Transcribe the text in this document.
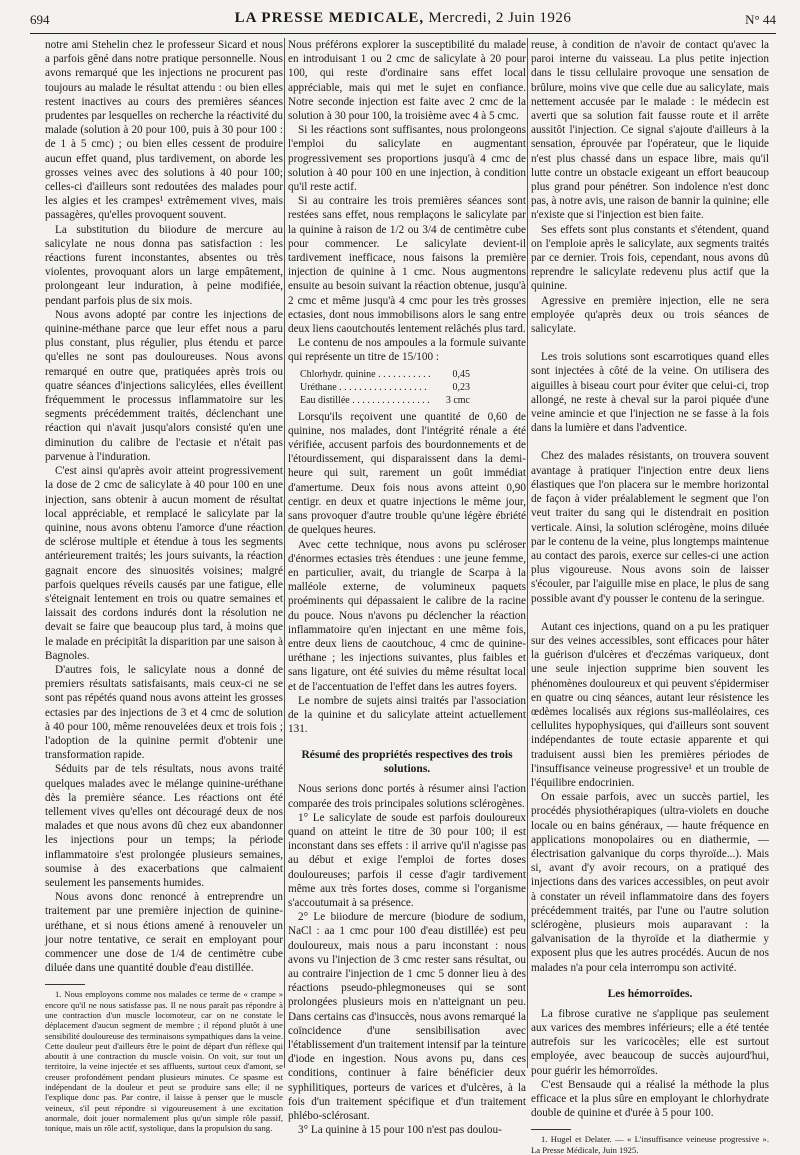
694	LA PRESSE MEDICALE, Mercredi, 2 Juin 1926	N° 44

notre ami Stehelin chez le professeur Sicard et nous a parfois gêné dans notre pratique personnelle. Nous avons remarqué que les injections ne procurent pas toujours au malade le résultat attendu : ou bien elles restent inactives au cours des premières séances prudentes par lesquelles on recherche la réactivité du malade (solution à 20 pour 100, puis à 30 pour 100 : de 1 à 5 cmc) ; ou bien elles cessent de produire aucun effet quand, plus tardivement, on aborde les grosses veines avec des solutions à 40 pour 100; celles-ci d'ailleurs sont redoutées des malades pour les algies et les crampes¹ extrêmement vives, mais passagères, qu'elles provoquent souvent.

La substitution du biiodure de mercure au salicylate ne nous donna pas satisfaction : les réactions furent inconstantes, absentes ou très violentes, provoquant alors un large empâtement, prolongeant leur induration, à peine modifiée, pendant parfois plus de six mois.

Nous avons adopté par contre les injections de quinine-méthane parce que leur effet nous a paru plus constant, plus régulier, plus étendu et parce qu'elles ne sont pas douloureuses. Nous avons remarqué en outre que, pratiquées après trois ou quatre séances d'injections salicylées, elles éveillent fréquemment le processus inflammatoire sur les segments précédemment traités, déclenchant une réaction qui n'avait jusqu'alors consisté qu'en une diminution du calibre de l'ectasie et n'était pas parvenue à l'induration.

C'est ainsi qu'après avoir atteint progressivement la dose de 2 cmc de salicylate à 40 pour 100 en une injection, sans obtenir à aucun moment de résultat local appréciable, et remplacé le salicylate par la quinine, nous avons obtenu l'amorce d'une réaction de sclérose multiple et étendue à tous les segments antérieurement traités; les jours suivants, la réaction gagnait encore des sinuosités voisines; malgré parfois quelques réveils causés par une fatigue, elle s'éteignait lentement en trois ou quatre semaines et laissait des cordons indurés dont la résolution ne devait se faire que beaucoup plus tard, à moins que le malade en précipitât la disparition par une saison à Bagnoles.

D'autres fois, le salicylate nous a donné de premiers résultats satisfaisants, mais ceux-ci ne se sont pas répétés quand nous avons atteint les grosses ectasies par des injections de 3 et 4 cmc de solution à 40 pour 100, même renouvelées deux et trois fois ; l'adoption de la quinine permit d'obtenir une transformation rapide.

Séduits par de tels résultats, nous avons traité quelques malades avec le mélange quinine-uréthane dès la première séance. Les réactions ont été tellement vives qu'elles ont découragé deux de nos malades et que nous avons dû chez eux abandonner les injections pour un temps; la période inflammatoire s'est prolongée plusieurs semaines, soumise à des exacerbations que calmaient seulement les pansements humides.

Nous avons donc renoncé à entreprendre un traitement par une première injection de quinine-uréthane, et si nous étions amené à renouveler un jour notre tentative, ce serait en employant pour commencer une dose de 1/4 de centimètre cube diluée dans une quantité double d'eau distillée.

1. Nous employons comme nos malades ce terme de « crampe » encore qu'il ne nous satisfasse pas. Il ne nous paraît pas répondre à une contraction d'un muscle locomoteur, car on ne constate le déplacement d'aucun segment de membre ; il répond plutôt à une sensibilité douloureuse des terminaisons sympathiques dans la veine. Cette douleur peut d'ailleurs être le point de départ d'un réflexe qui aboutit à une contraction du muscle voisin. On voit, sur tout un territoire, la veine injectée et ses affluents, surtout ceux d'amont, se creuser profondément pendant plusieurs minutes. Ce spasme est indépendant de la douleur et peut se produire sans elle; il ne l'explique donc pas. Par contre, il laisse à penser que le muscle veineux, s'il peut répondre si vigoureusement à une excitation anormale, doit jouer normalement plus qu'un simple rôle passif, tonique, mais un rôle actif, systolique, dans la propulsion du sang.

Nous préférons explorer la susceptibilité du malade en introduisant 1 ou 2 cmc de salicylate à 20 pour 100, qui reste d'ordinaire sans effet local appréciable, mais qui met le sujet en confiance. Notre seconde injection est faite avec 2 cmc de la solution à 30 pour 100, la troisième avec 4 à 5 cmc.

Si les réactions sont suffisantes, nous prolongeons l'emploi du salicylate en augmentant progressivement ses proportions jusqu'à 4 cmc de solution à 40 pour 100 en une injection, à condition qu'il reste actif.

Si au contraire les trois premières séances sont restées sans effet, nous remplaçons le salicylate par la quinine à raison de 1/2 ou 3/4 de centimètre cube pour commencer. Le salicylate devient-il tardivement inefficace, nous faisons la première injection de quinine à 1 cmc. Nous augmentons ensuite au besoin suivant la réaction obtenue, jusqu'à 2 cmc et même jusqu'à 4 cmc pour les très grosses ectasies, dont nous immobilisons alors le sang entre deux liens caoutchoutés lentement relâchés plus tard.

Le contenu de nos ampoules a la formule suivante qui représente un titre de 15/100 :

Chlorhydr. quinine . . .	0,45
Uréthane . . .	0,23
Eau distillée . . .	3 cmc

Lorsqu'ils reçoivent une quantité de 0,60 de quinine, nos malades, dont l'intégrité rénale a été vérifiée, accusent parfois des bourdonnements et de l'étourdissement, qui disparaissent dans la demi-heure qui suit, rarement un goût immédiat d'amertume. Deux fois nous avons atteint 0,90 centigr. en deux et quatre injections le même jour, sans provoquer d'autre trouble qu'une légère ébriété de quelques heures.

Avec cette technique, nous avons pu scléroser d'énormes ectasies très étendues : une jeune femme, en particulier, avait, du triangle de Scarpa à la malléole externe, de volumineux paquets proéminents qui dépassaient le calibre de la racine du pouce. Nous n'avons pu déclencher la réaction inflammatoire qu'en injectant en une même fois, entre deux liens de caoutchouc, 4 cmc de quinine-uréthane ; les injections suivantes, plus faibles et sans ligature, ont été suivies du même résultat local et de l'accentuation de l'effet dans les autres foyers.

Le nombre de sujets ainsi traités par l'association de la quinine et du salicylate atteint actuellement 131.

Résumé des propriétés respectives des trois solutions.

Nous serions donc portés à résumer ainsi l'action comparée des trois principales solutions sclérogènes.

1° Le salicylate de soude est parfois douloureux quand on atteint le titre de 30 pour 100; il est inconstant dans ses effets : il arrive qu'il n'agisse pas au début et exige l'emploi de fortes doses douloureuses; parfois il cesse d'agir tardivement même aux très fortes doses, comme si l'organisme s'accoutumait à sa présence.

2° Le biiodure de mercure (biodure de sodium, NaCl : aa 1 cmc pour 100 d'eau distillée) est peu douloureux, mais nous a paru inconstant : nous avons vu l'injection de 3 cmc rester sans résultat, ou au contraire l'injection de 1 cmc 5 donner lieu à des réactions pseudo-phlegmoneuses qui se sont prolongées plusieurs mois en n'atteignant un peu. Dans certains cas d'insuccès, nous avons remarqué la coïncidence d'une sensibilisation avec l'établissement d'un traitement intensif par la teinture d'iode en ingestion. Nous avons pu, dans ces conditions, continuer à faire bénéficier deux syphilitiques, porteurs de varices et d'ulcères, à la fois d'un traitement spécifique et d'un traitement phlébo-sclérosant.

3° La quinine à 15 pour 100 n'est pas doulou-

reuse, à condition de n'avoir de contact qu'avec la paroi interne du vaisseau. La plus petite injection dans le tissu cellulaire provoque une sensation de brûlure, moins vive que celle due au salicylate, mais nettement accusée par le malade : le médecin est averti que sa solution fait fausse route et il arrête aussitôt l'injection. Ce signal s'ajoute d'ailleurs à la sensation, éprouvée par l'opérateur, que le liquide n'est plus chassé dans un espace libre, mais qu'il lutte contre un obstacle exigeant un effort beaucoup plus grand pour pénétrer. Son indolence n'est donc pas, à notre avis, une raison de bannir la quinine; elle n'existe que si l'injection est bien faite.

Ses effets sont plus constants et s'étendent, quand on l'emploie après le salicylate, aux segments traités par ce dernier. Trois fois, cependant, nous avons dû reprendre le salicylate redevenu plus actif que la quinine.

Agressive en première injection, elle ne sera employée qu'après deux ou trois séances de salicylate.

Les trois solutions sont escarrotiques quand elles sont injectées à côté de la veine. On utilisera des aiguilles à biseau court pour éviter que celui-ci, trop allongé, ne reste à cheval sur la paroi piquée d'une veine amincie et que l'injection ne se fasse à la fois dans la lumière et dans l'adventice.

Chez des malades résistants, on trouvera souvent avantage à pratiquer l'injection entre deux liens élastiques que l'on placera sur le membre horizontal de façon à vider préalablement le segment que l'on veut traiter du sang qui le distendrait en position verticale. Ainsi, la solution sclérogène, moins diluée par le contenu de la veine, plus longtemps maintenue au contact des parois, exerce sur celles-ci une action plus vigoureuse. Nous avons soin de laisser s'écouler, par l'aiguille mise en place, le plus de sang possible avant d'y pousser le contenu de la seringue.

Autant ces injections, quand on a pu les pratiquer sur des veines accessibles, sont efficaces pour hâter la guérison d'ulcères et d'eczémas variqueux, dont une seule injection supprime bien souvent les phénomènes douloureux et qui peuvent s'épidermiser en quatre ou cinq séances, autant leur résistence les œdèmes localisés aux régions sus-malléolaires, ces cellulites hypophysiques, qui d'ailleurs sont souvent indépendantes de toute ectasie apparente et qui traduisent aussi bien les premières périodes de l'insuffisance veineuse progressive¹ et un trouble de l'équilibre endocrinien.

On essaie parfois, avec un succès partiel, les procédés physiothérapiques (ultra-violets en douche locale ou en bains généraux, — haute fréquence en applications monopolaires ou en diathermie, — électrisation galvanique du corps thyroïde...). Mais si, avant d'y avoir recours, on a pratiqué des injections dans des varices accessibles, on peut avoir à constater un réveil inflammatoire dans des foyers précédemment traités, par l'une ou l'autre solution sclérogène, plusieurs mois auparavant : la galvanisation de la thyroïde et la diathermie y exposent plus que les autres procédés. Aucun de nos malades n'a pour cela interrompu son activité.

Les hémorroïdes.

La fibrose curative ne s'applique pas seulement aux varices des membres inférieurs; elle a été tentée autrefois sur les varicocèles; elle est surtout employée, avec beaucoup de succès aujourd'hui, pour guérir les hémorroïdes.

C'est Bensaude qui a réalisé la méthode la plus efficace et la plus sûre en employant le chlorhydrate double de quinine et d'urée à 5 pour 100.

1. Hugel et Delater. — « L'insuffisance veineuse progressive ». La Presse Médicale, Juin 1925.
